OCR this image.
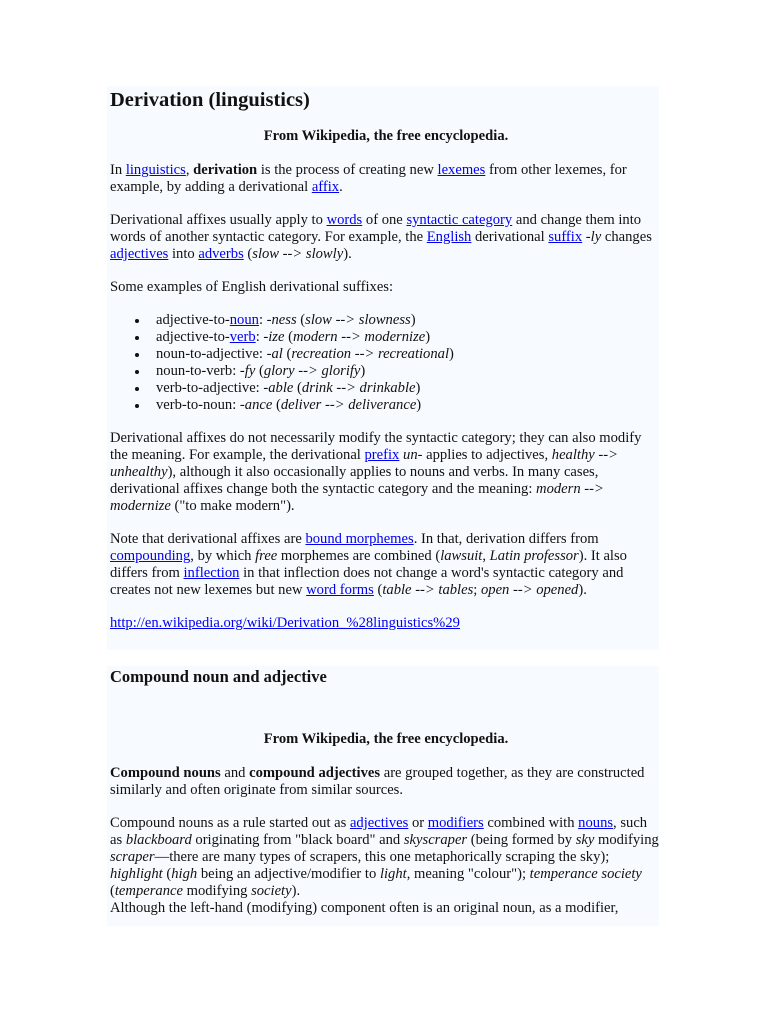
Derivation (linguistics)
From Wikipedia, the free encyclopedia.

In linguistics, derivation is the process of creating new lexemes from other lexemes, for example, by adding a derivational affix.

Derivational affixes usually apply to words of one syntactic category and change them into words of another syntactic category. For example, the English derivational suffix -ly changes adjectives into adverbs (slow --> slowly).

Some examples of English derivational suffixes:

adjective-to-noun: -ness (slow --> slowness)
adjective-to-verb: -ize (modern --> modernize)
noun-to-adjective: -al (recreation --> recreational)
noun-to-verb: -fy (glory --> glorify)
verb-to-adjective: -able (drink --> drinkable)
verb-to-noun: -ance (deliver --> deliverance)

Derivational affixes do not necessarily modify the syntactic category; they can also modify the meaning. For example, the derivational prefix un- applies to adjectives, healthy --> unhealthy), although it also occasionally applies to nouns and verbs. In many cases, derivational affixes change both the syntactic category and the meaning: modern --> modernize ("to make modern").

Note that derivational affixes are bound morphemes. In that, derivation differs from compounding, by which free morphemes are combined (lawsuit, Latin professor). It also differs from inflection in that inflection does not change a word's syntactic category and creates not new lexemes but new word forms (table --> tables; open --> opened).

http://en.wikipedia.org/wiki/Derivation_%28linguistics%29

Compound noun and adjective
From Wikipedia, the free encyclopedia.

Compound nouns and compound adjectives are grouped together, as they are constructed similarly and often originate from similar sources.

Compound nouns as a rule started out as adjectives or modifiers combined with nouns, such as blackboard originating from "black board" and skyscraper (being formed by sky modifying scraper—there are many types of scrapers, this one metaphorically scraping the sky); highlight (high being an adjective/modifier to light, meaning "colour"); temperance society (temperance modifying society).

Although the left-hand (modifying) component often is an original noun, as a modifier,
